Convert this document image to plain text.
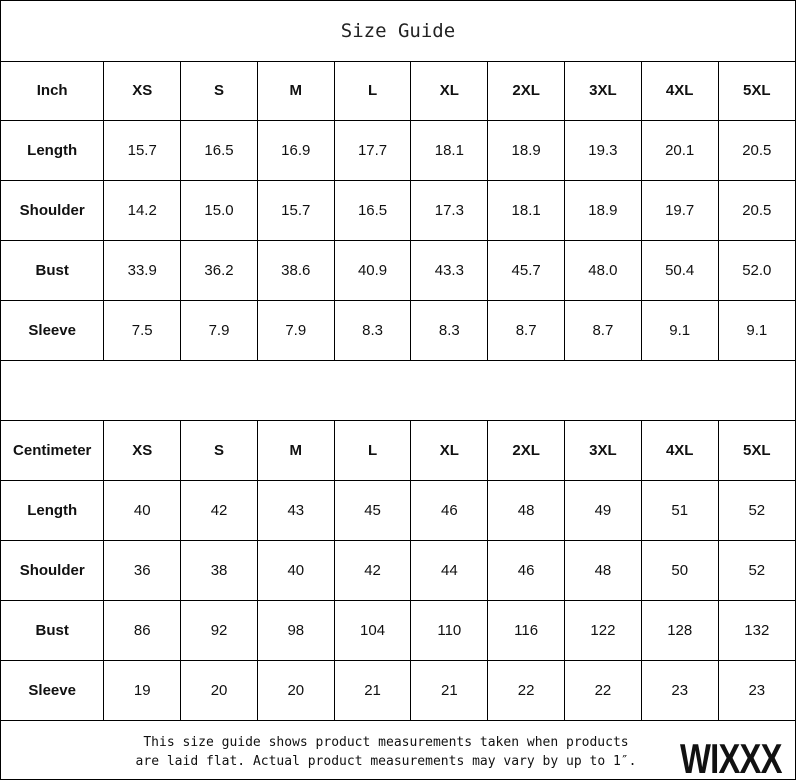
Size Guide
Inch	XS	S	M	L	XL	2XL	3XL	4XL	5XL
Length	15.7	16.5	16.9	17.7	18.1	18.9	19.3	20.1	20.5
Shoulder	14.2	15.0	15.7	16.5	17.3	18.1	18.9	19.7	20.5
Bust	33.9	36.2	38.6	40.9	43.3	45.7	48.0	50.4	52.0
Sleeve	7.5	7.9	7.9	8.3	8.3	8.7	8.7	9.1	9.1
Centimeter	XS	S	M	L	XL	2XL	3XL	4XL	5XL
Length	40	42	43	45	46	48	49	51	52
Shoulder	36	38	40	42	44	46	48	50	52
Bust	86	92	98	104	110	116	122	128	132
Sleeve	19	20	20	21	21	22	22	23	23
This size guide shows product measurements taken when products
are laid flat. Actual product measurements may vary by up to 1″.	WIXXX
